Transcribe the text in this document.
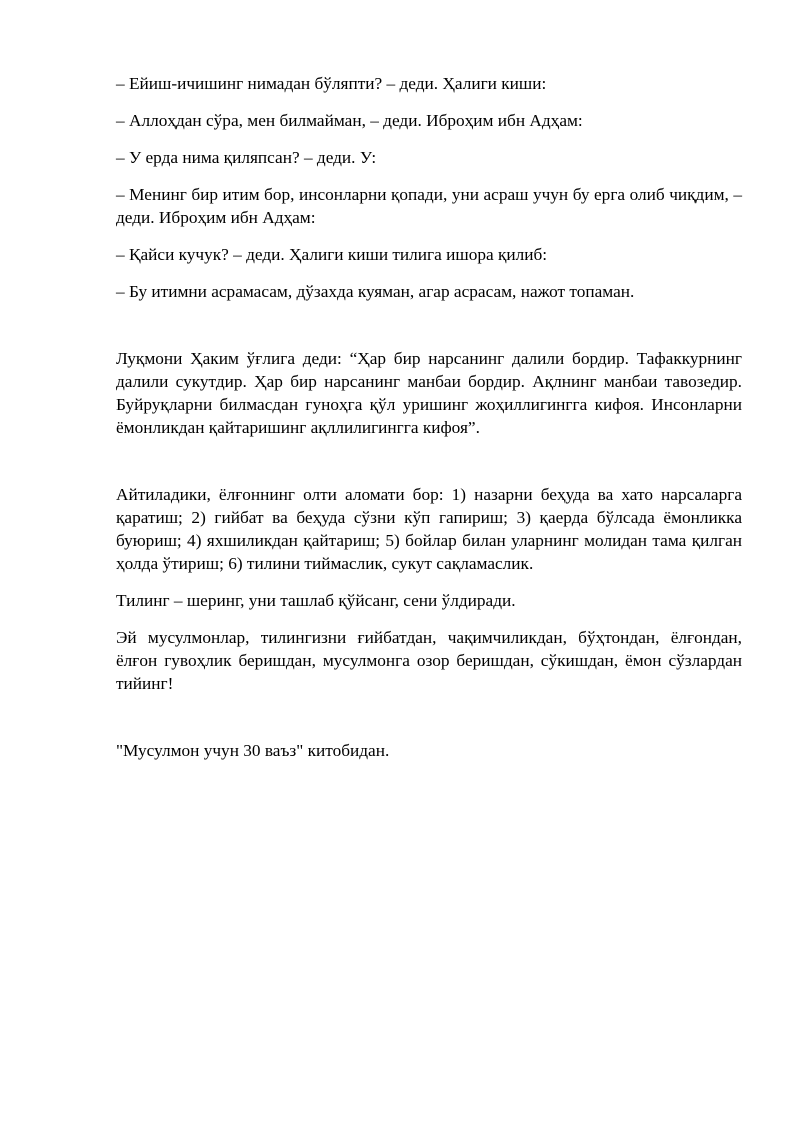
– Ейиш-ичишинг нимадан бўляпти? – деди. Ҳалиги киши:

– Аллоҳдан сўра, мен билмайман, – деди. Иброҳим ибн Адҳам:

– У ерда нима қиляпсан? – деди. У:

– Менинг бир итим бор, инсонларни қопади, уни асраш учун бу ерга олиб чиқдим, – деди. Иброҳим ибн Адҳам:

– Қайси кучук? – деди. Ҳалиги киши тилига ишора қилиб:

– Бу итимни асрамасам, дўзахда куяман, агар асрасам, нажот топаман.

Луқмони Ҳаким ўғлига деди: “Ҳар бир нарсанинг далили бордир. Тафаккурнинг далили сукутдир. Ҳар бир нарсанинг манбаи бордир. Ақлнинг манбаи тавозедир. Буйруқларни билмасдан гуноҳга қўл уришинг жоҳиллигингга кифоя. Инсонларни ёмонликдан қайтаришинг ақллилигингга кифоя”.

Айтиладики, ёлғоннинг олти аломати бор: 1) назарни беҳуда ва хато нарсаларга қаратиш; 2) гийбат ва беҳуда сўзни кўп гапириш; 3) қаерда бўлсада ёмонликка буюриш; 4) яхшиликдан қайтариш; 5) бойлар билан уларнинг молидан тама қилган ҳолда ўтириш; 6) тилини тиймаслик, сукут сақламаслик.

Тилинг – шеринг, уни ташлаб қўйсанг, сени ўлдиради.

Эй мусулмонлар, тилингизни ғийбатдан, чақимчиликдан, бўҳтондан, ёлғондан, ёлғон гувоҳлик беришдан, мусулмонга озор беришдан, сўкишдан, ёмон сўзлардан тийинг!

"Мусулмон учун 30 ваъз" китобидан.
